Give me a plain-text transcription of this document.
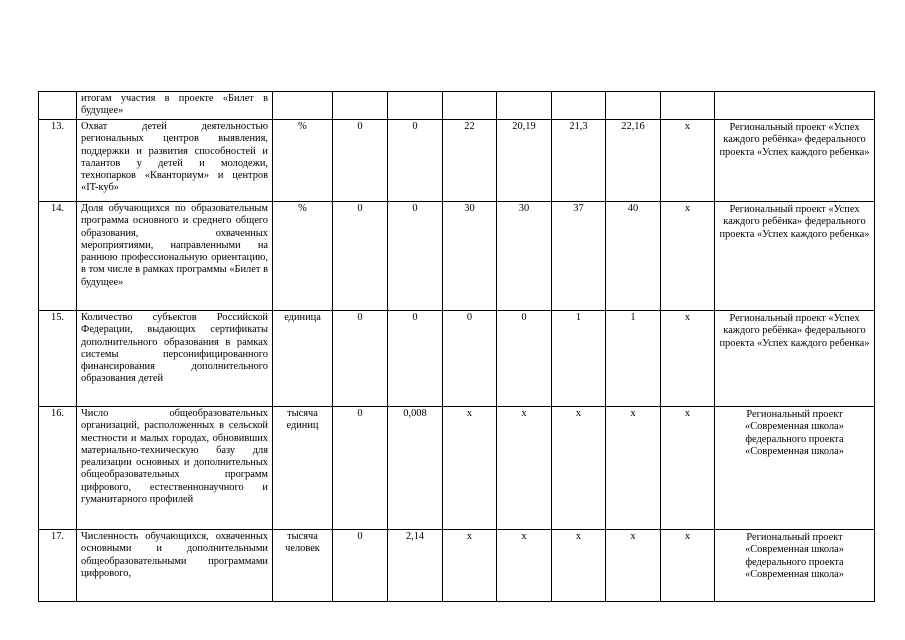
	итогам участия в проекте «Билет в будущее»									
13.	Охват детей деятельностью региональных центров выявления, поддержки и развития способностей и талантов у детей и молодежи, технопарков «Кванториум» и центров «IT-куб»	%	0	0	22	20,19	21,3	22,16	x	Региональный проект «Успех каждого ребёнка» федерального проекта «Успех каждого ребенка»
14.	Доля обучающихся по образовательным программа основного и среднего общего образования, охваченных мероприятиями, направленными на раннюю профессиональную ориентацию, в том числе в рамках программы «Билет в будущее»	%	0	0	30	30	37	40	x	Региональный проект «Успех каждого ребёнка» федерального проекта «Успех каждого ребенка»
15.	Количество субъектов Российской Федерации, выдающих сертификаты дополнительного образования в рамках системы персонифицированного финансирования дополнительного образования детей	единица	0	0	0	0	1	1	x	Региональный проект «Успех каждого ребёнка» федерального проекта «Успех каждого ребенка»
16.	Число общеобразовательных организаций, расположенных в сельской местности и малых городах, обновивших материально-техническую базу для реализации основных и дополнительных общеобразовательных программ цифрового, естественнонаучного и гуманитарного профилей	тысяча единиц	0	0,008	x	x	x	x	x	Региональный проект «Современная школа» федерального проекта «Современная школа»
17.	Численность обучающихся, охваченных основными и дополнительными общеобразовательными программами цифрового,	тысяча человек	0	2,14	x	x	x	x	x	Региональный проект «Современная школа» федерального проекта «Современная школа»
